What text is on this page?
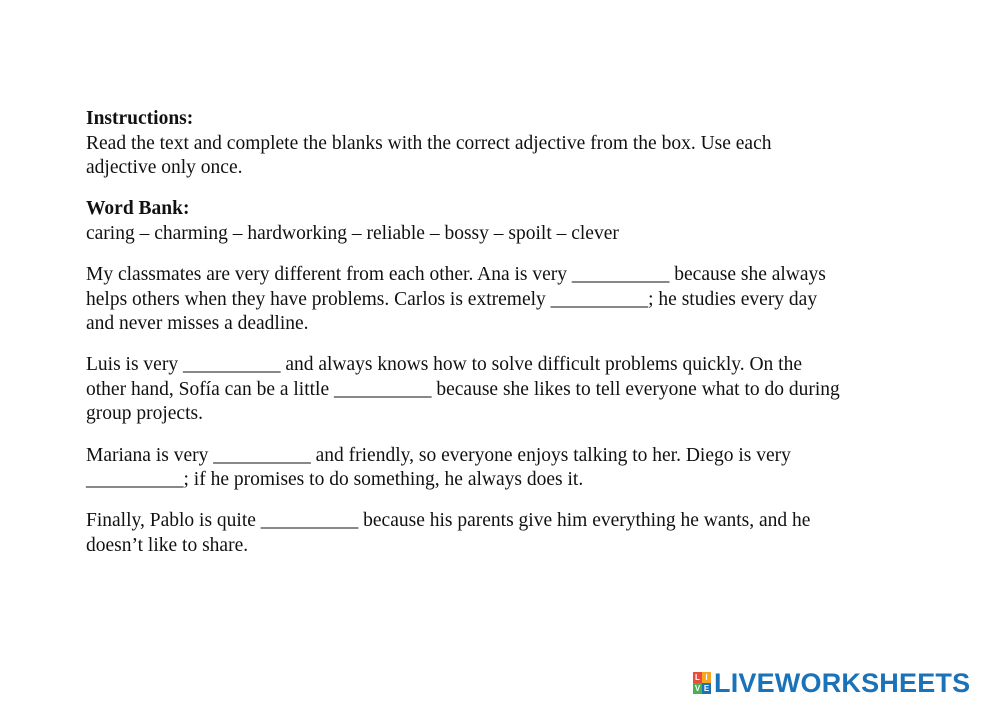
Instructions:
Read the text and complete the blanks with the correct adjective from the box. Use each
adjective only once.
Word Bank:
caring – charming – hardworking – reliable – bossy – spoilt – clever
My classmates are very different from each other. Ana is very __________ because she always
helps others when they have problems. Carlos is extremely __________; he studies every day
and never misses a deadline.
Luis is very __________ and always knows how to solve difficult problems quickly. On the
other hand, Sofía can be a little __________ because she likes to tell everyone what to do during
group projects.
Mariana is very __________ and friendly, so everyone enjoys talking to her. Diego is very
__________; if he promises to do something, he always does it.
Finally, Pablo is quite __________ because his parents give him everything he wants, and he
doesn’t like to share.
L I
V E LIVEWORKSHEETS
